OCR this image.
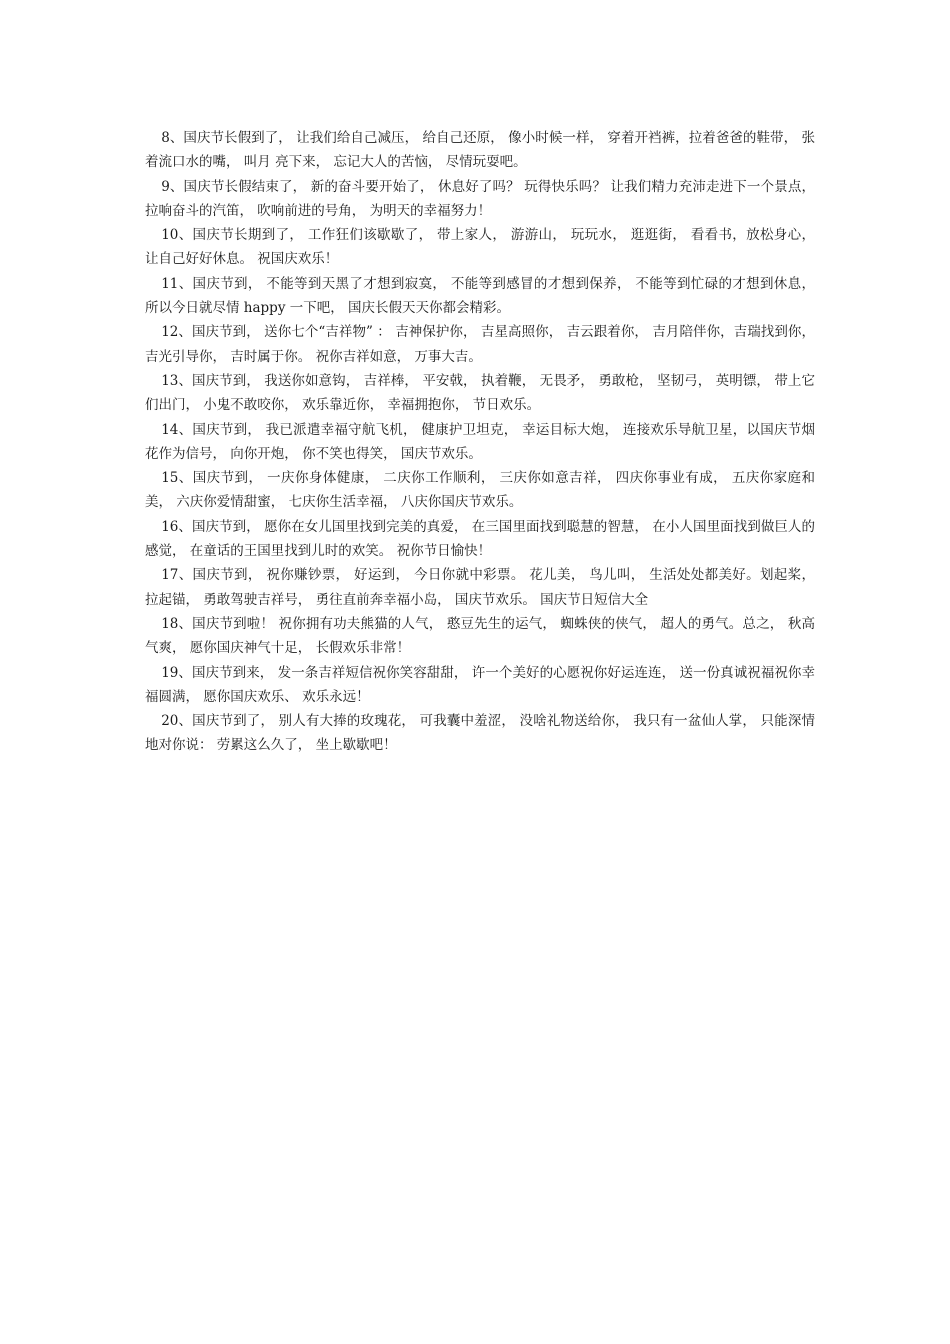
8、国庆节长假到了， 让我们给自己减压， 给自己还原， 像小时候一样， 穿着开裆裤，拉着爸爸的鞋带， 张着流口水的嘴， 叫月 亮下来， 忘记大人的苦恼， 尽情玩耍吧。

9、国庆节长假结束了， 新的奋斗要开始了， 休息好了吗？ 玩得快乐吗？ 让我们精力充沛走进下一个景点， 拉响奋斗的汽笛， 吹响前进的号角， 为明天的幸福努力！

10、国庆节长期到了， 工作狂们该歇歇了， 带上家人， 游游山， 玩玩水， 逛逛街， 看看书，放松身心， 让自己好好休息。 祝国庆欢乐！

11、国庆节到， 不能等到天黑了才想到寂寞， 不能等到感冒的才想到保养， 不能等到忙碌的才想到休息， 所以今日就尽情 happy 一下吧， 国庆长假天天你都会精彩。

12、国庆节到， 送你七个“吉祥物” ： 吉神保护你， 吉星高照你， 吉云跟着你， 吉月陪伴你，吉瑞找到你， 吉光引导你， 吉时属于你。 祝你吉祥如意， 万事大吉。

13、国庆节到， 我送你如意钩， 吉祥棒， 平安戟， 执着鞭， 无畏矛， 勇敢枪， 坚韧弓， 英明镖， 带上它们出门， 小鬼不敢咬你， 欢乐靠近你， 幸福拥抱你， 节日欢乐。

14、国庆节到， 我已派遣幸福守航飞机， 健康护卫坦克， 幸运目标大炮， 连接欢乐导航卫星，以国庆节烟花作为信号， 向你开炮， 你不笑也得笑， 国庆节欢乐。

15、国庆节到， 一庆你身体健康， 二庆你工作顺利， 三庆你如意吉祥， 四庆你事业有成， 五庆你家庭和美， 六庆你爱情甜蜜， 七庆你生活幸福， 八庆你国庆节欢乐。

16、国庆节到， 愿你在女儿国里找到完美的真爱， 在三国里面找到聪慧的智慧， 在小人国里面找到做巨人的感觉， 在童话的王国里找到儿时的欢笑。 祝你节日愉快！

17、国庆节到， 祝你赚钞票， 好运到， 今日你就中彩票。 花儿美， 鸟儿叫， 生活处处都美好。划起桨， 拉起锚， 勇敢驾驶吉祥号， 勇往直前奔幸福小岛， 国庆节欢乐。 国庆节日短信大全

18、国庆节到啦！ 祝你拥有功夫熊猫的人气， 憨豆先生的运气， 蜘蛛侠的侠气， 超人的勇气。总之， 秋高气爽， 愿你国庆神气十足， 长假欢乐非常！

19、国庆节到来， 发一条吉祥短信祝你笑容甜甜， 许一个美好的心愿祝你好运连连， 送一份真诚祝福祝你幸福圆满， 愿你国庆欢乐、 欢乐永远！

20、国庆节到了， 别人有大捧的玫瑰花， 可我囊中羞涩， 没啥礼物送给你， 我只有一盆仙人掌， 只能深情地对你说： 劳累这么久了， 坐上歇歇吧！
